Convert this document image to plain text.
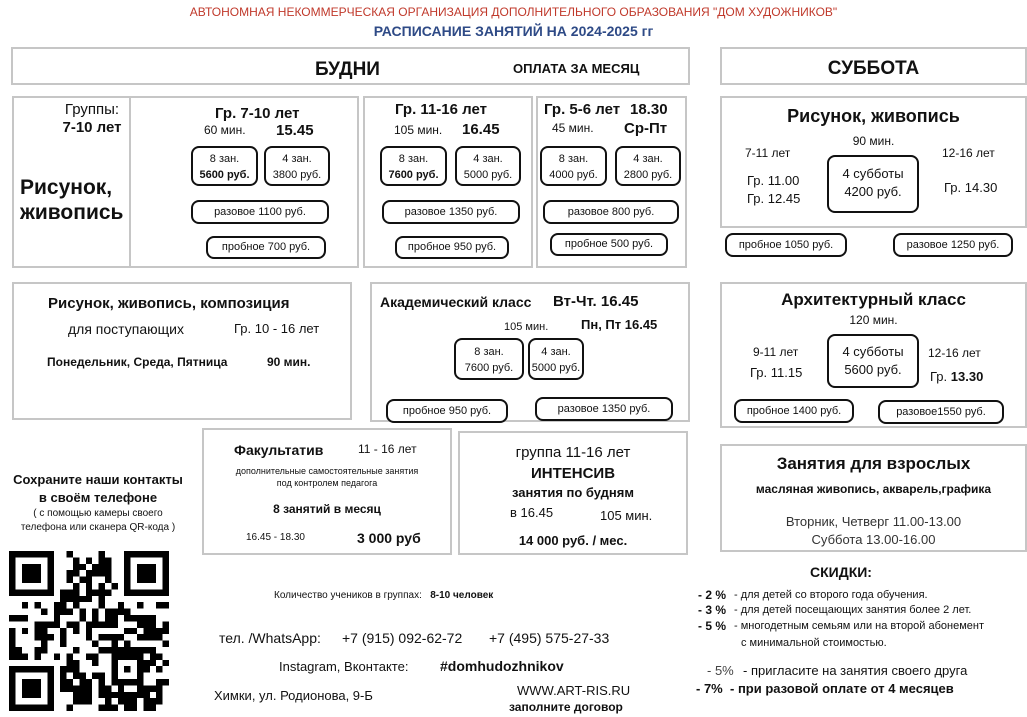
АВТОНОМНАЯ НЕКОММЕРЧЕСКАЯ ОРГАНИЗАЦИЯ ДОПОЛНИТЕЛЬНОГО ОБРАЗОВАНИЯ "ДОМ ХУДОЖНИКОВ"
РАСПИСАНИЕ ЗАНЯТИЙ НА 2024-2025 гг
БУДНИ	ОПЛАТА ЗА МЕСЯЦ	СУББОТА
Группы:
7-10 лет
Рисунок,
живопись
Гр. 7-10 лет
60 мин. 15.45
8 зан.
5600 руб.
4 зан.
3800 руб.
разовое 1100 руб.
пробное 700 руб.
Гр. 11-16 лет
105 мин. 16.45
8 зан.
7600 руб.
4 зан.
5000 руб.
разовое 1350 руб.
пробное 950 руб.
Гр. 5-6 лет 18.30
45 мин. Ср-Пт
8 зан.
4000 руб.
4 зан.
2800 руб.
разовое 800 руб.
пробное 500 руб.
Рисунок, живопись
90 мин.
7-11 лет
Гр. 11.00
Гр. 12.45
4 субботы
4200 руб.
12-16 лет
Гр. 14.30
пробное 1050 руб.	разовое 1250 руб.
Рисунок, живопись, композиция
для поступающих	Гр. 10 - 16 лет
Понедельник, Среда, Пятница	90 мин.
Академический класс Вт-Чт. 16.45
105 мин.	Пн, Пт 16.45
8 зан.
7600 руб.
4 зан.
5000 руб.
пробное 950 руб.	разовое 1350 руб.
Архитектурный класс
120 мин.
9-11 лет
Гр. 11.15
4 субботы
5600 руб.
12-16 лет
Гр. 13.30
пробное 1400 руб.	разовое1550 руб.
Сохраните наши контакты
в своём телефоне
( с помощью камеры своего
телефона или сканера QR-кода )
Факультатив	11 - 16 лет
дополнительные самостоятельные занятия
под контролем педагога
8 занятий в месяц
16.45 - 18.30	3 000 руб
группа 11-16 лет
ИНТЕНСИВ
занятия по будням
в 16.45	105 мин.
14 000 руб. / мес.
Занятия для взрослых
масляная живопись, акварель,графика
Вторник, Четверг 11.00-13.00
Суббота 13.00-16.00
Количество учеников в группах: 8-10 человек
тел. /WhatsApp: +7 (915) 092-62-72 +7 (495) 575-27-33
Instagram, Вконтакте: #domhudozhnikov
Химки, ул. Родионова, 9-Б	WWW.ART-RIS.RU
заполните договор
СКИДКИ:
- 2 % - для детей со второго года обучения.
- 3 % - для детей посещающих занятия более 2 лет.
- 5 % - многодетным семьям или на второй абонемент
с минимальной стоимостью.
- 5% - пригласите на занятия своего друга
- 7% - при разовой оплате от 4 месяцев
